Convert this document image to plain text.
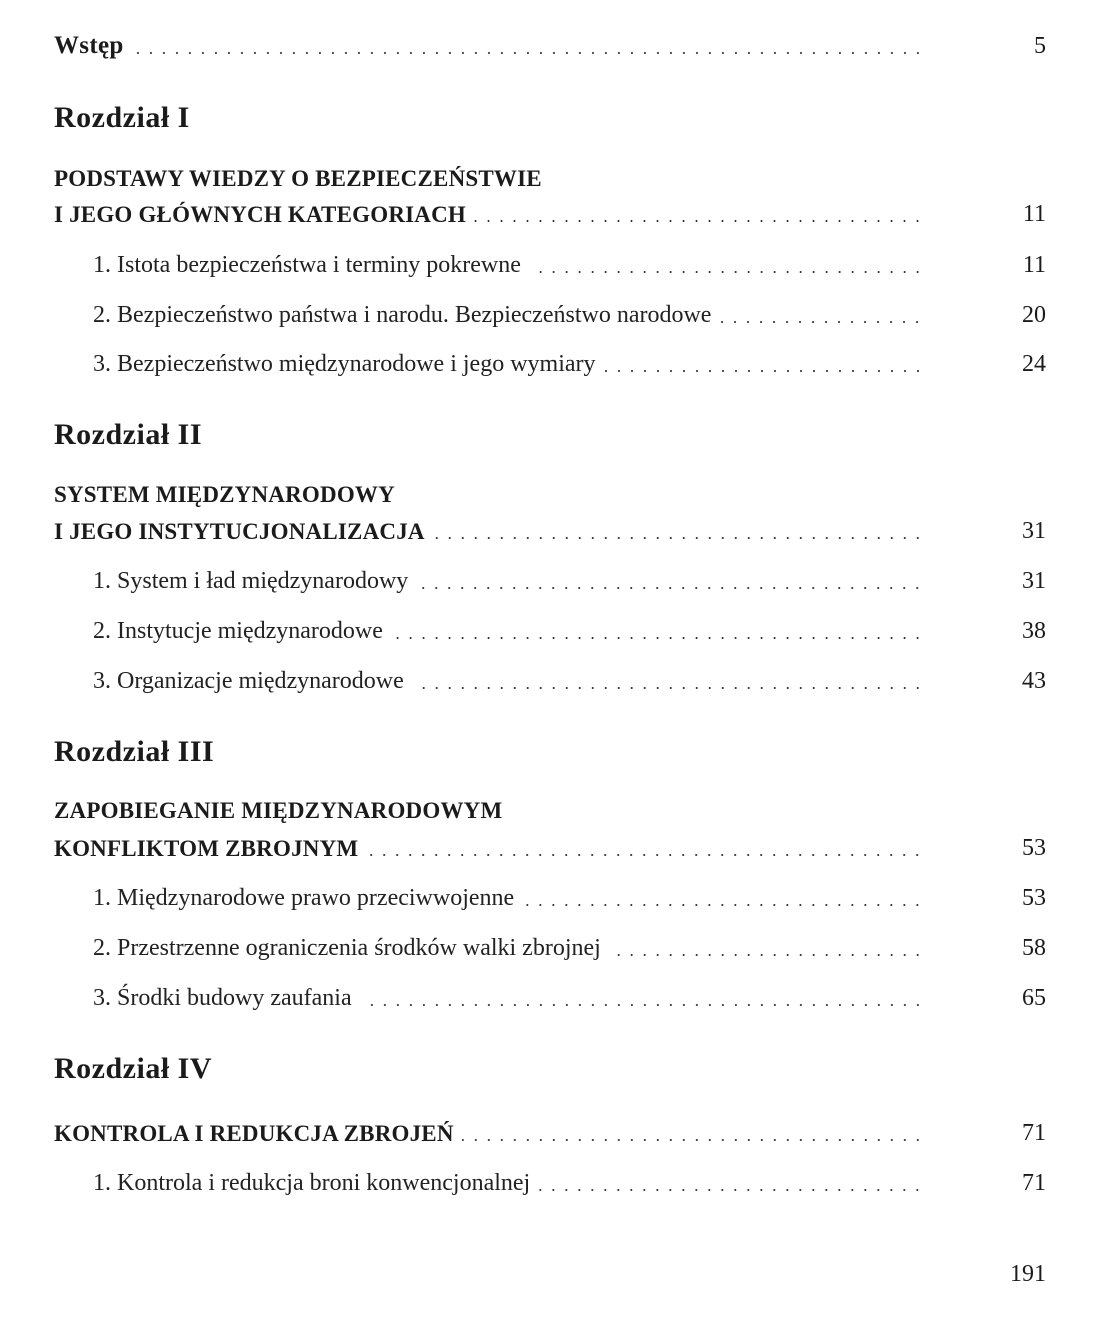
Wstęp	5
Rozdział I
PODSTAWY WIEDZY O BEZPIECZEŃSTWIE
I JEGO GŁÓWNYCH KATEGORIACH	11
1. Istota bezpieczeństwa i terminy pokrewne	11
2. Bezpieczeństwo państwa i narodu. Bezpieczeństwo narodowe	20
3. Bezpieczeństwo międzynarodowe i jego wymiary	24
Rozdział II
SYSTEM MIĘDZYNARODOWY
I JEGO INSTYTUCJONALIZACJA	31
1. System i ład międzynarodowy	31
2. Instytucje międzynarodowe	38
3. Organizacje międzynarodowe	43
Rozdział III
ZAPOBIEGANIE MIĘDZYNARODOWYM
KONFLIKTOM ZBROJNYM	53
1. Międzynarodowe prawo przeciwwojenne	53
2. Przestrzenne ograniczenia środków walki zbrojnej	58
3. Środki budowy zaufania	65
Rozdział IV
KONTROLA I REDUKCJA ZBROJEŃ	71
1. Kontrola i redukcja broni konwencjonalnej	71
191
